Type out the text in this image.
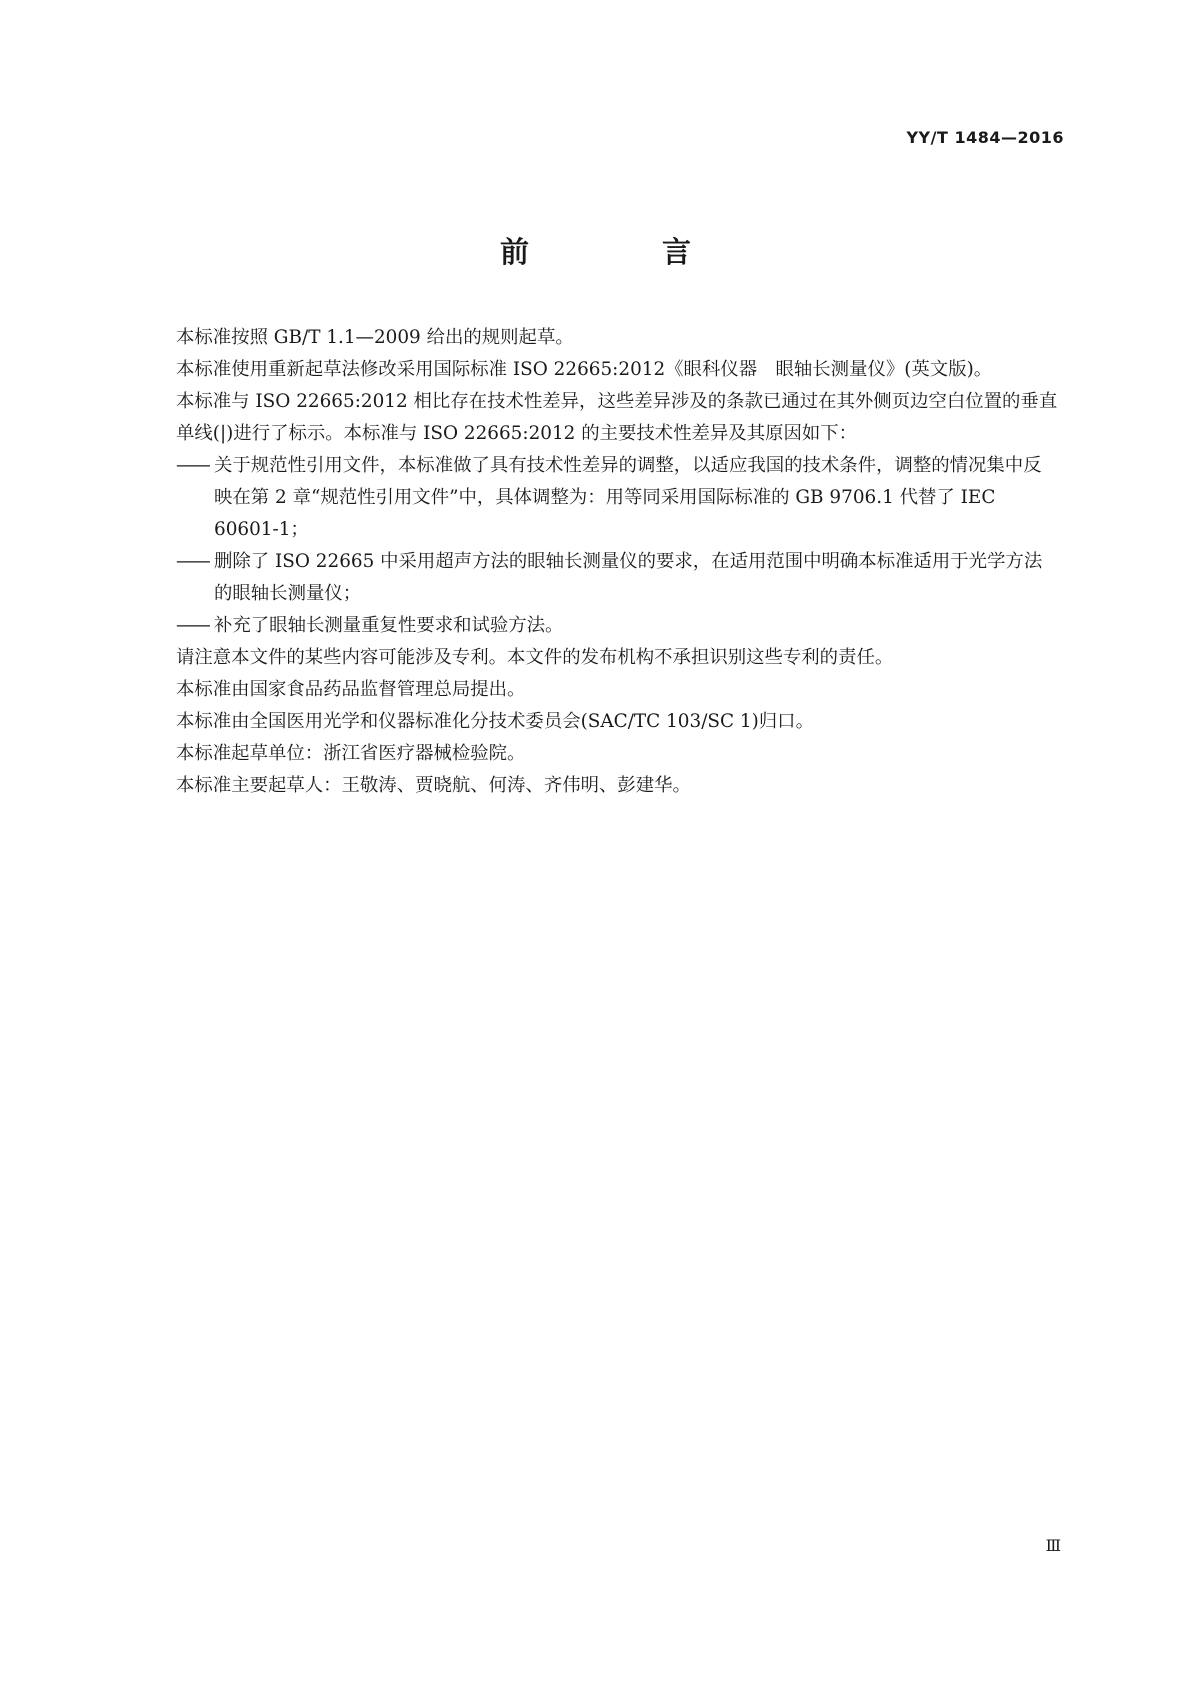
YY/T 1484—2016
前　言

本标准按照 GB/T 1.1—2009 给出的规则起草。

本标准使用重新起草法修改采用国际标准 ISO 22665:2012《眼科仪器　眼轴长测量仪》(英文版)。

本标准与 ISO 22665:2012 相比存在技术性差异，这些差异涉及的条款已通过在其外侧页边空白位置的垂直单线(|)进行了标示。本标准与 ISO 22665:2012 的主要技术性差异及其原因如下：

—— 关于规范性引用文件，本标准做了具有技术性差异的调整，以适应我国的技术条件，调整的情况集中反映在第 2 章“规范性引用文件”中，具体调整为：用等同采用国际标准的 GB 9706.1 代替了 IEC 60601-1；
—— 删除了 ISO 22665 中采用超声方法的眼轴长测量仪的要求，在适用范围中明确本标准适用于光学方法的眼轴长测量仪；
—— 补充了眼轴长测量重复性要求和试验方法。

请注意本文件的某些内容可能涉及专利。本文件的发布机构不承担识别这些专利的责任。

本标准由国家食品药品监督管理总局提出。

本标准由全国医用光学和仪器标准化分技术委员会(SAC/TC 103/SC 1)归口。

本标准起草单位：浙江省医疗器械检验院。

本标准主要起草人：王敬涛、贾晓航、何涛、齐伟明、彭建华。

Ⅲ
